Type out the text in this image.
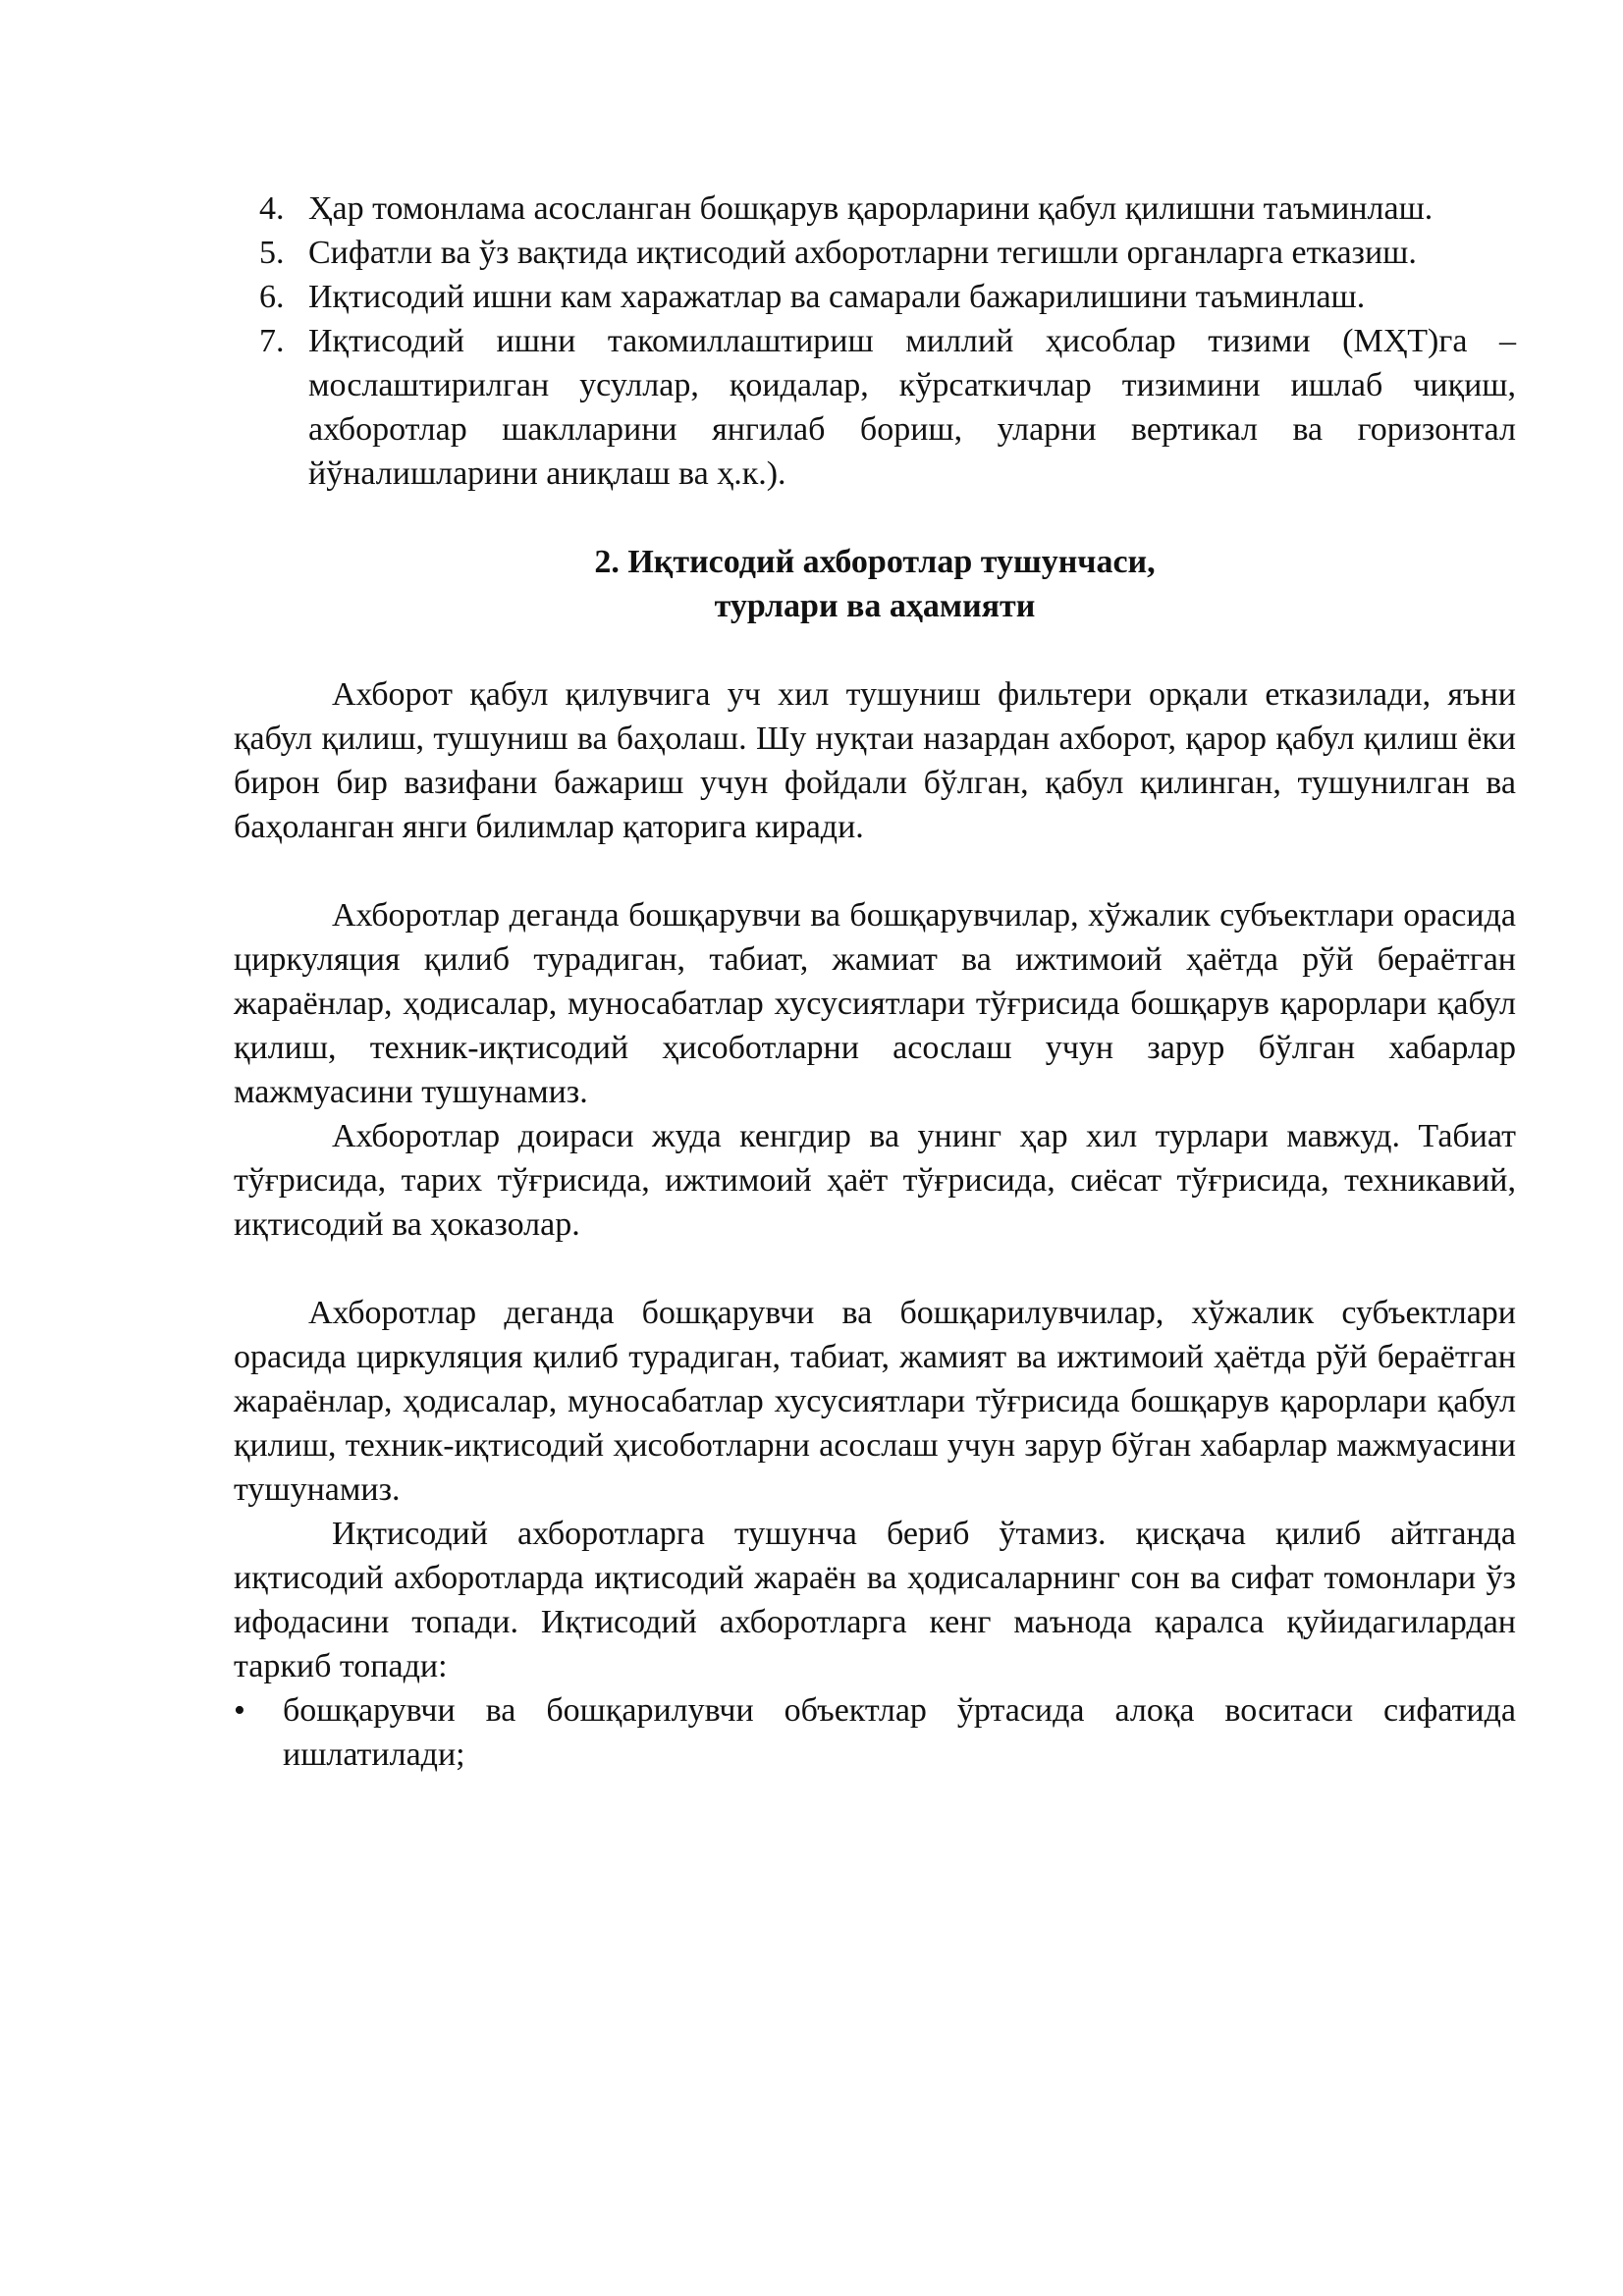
4. Ҳар томонлама асосланган бошқарув қарорларини қабул қилишни таъминлаш.
5. Сифатли ва ўз вақтида иқтисодий ахборотларни тегишли органларга етказиш.
6. Иқтисодий ишни кам харажатлар ва самарали бажарилишини таъминлаш.
7. Иқтисодий ишни такомиллаштириш миллий ҳисоблар тизими (МҲТ)га – мослаштирилган усуллар, қоидалар, кўрсаткичлар тизимини ишлаб чиқиш, ахборотлар шаклларини янгилаб бориш, уларни вертикал ва горизонтал йўналишларини аниқлаш ва ҳ.к.).
2. Иқтисодий ахборотлар тушунчаси,
турлари ва аҳамияти

Ахборот қабул қилувчига уч хил тушуниш фильтери орқали етказилади, яъни қабул қилиш, тушуниш ва баҳолаш. Шу нуқтаи назардан ахборот, қарор қабул қилиш ёки бирон бир вазифани бажариш учун фойдали бўлган, қабул қилинган, тушунилган ва баҳоланган янги билимлар қаторига киради.

Ахборотлар деганда бошқарувчи ва бошқарувчилар, хўжалик субъектлари орасида циркуляция қилиб турадиган, табиат, жамиат ва ижтимоий ҳаётда рўй бераётган жараёнлар, ҳодисалар, муносабатлар хусусиятлари тўғрисида бошқарув қарорлари қабул қилиш, техник-иқтисодий ҳисоботларни асослаш учун зарур бўлган хабарлар мажмуасини тушунамиз.

Ахборотлар доираси жуда кенгдир ва унинг ҳар хил турлари мавжуд. Табиат тўғрисида, тарих тўғрисида, ижтимоий ҳаёт тўғрисида, сиёсат тўғрисида, техникавий, иқтисодий ва ҳоказолар.

Ахборотлар деганда бошқарувчи ва бошқарилувчилар, хўжалик субъектлари орасида циркуляция қилиб турадиган, табиат, жамият ва ижтимоий ҳаётда рўй бераётган жараёнлар, ҳодисалар, муносабатлар хусусиятлари тўғрисида бошқарув қарорлари қабул қилиш, техник-иқтисодий ҳисоботларни асослаш учун зарур бўган хабарлар мажмуасини тушунамиз.

Иқтисодий ахборотларга тушунча бериб ўтамиз. қисқача қилиб айтганда иқтисодий ахборотларда иқтисодий жараён ва ҳодисаларнинг сон ва сифат томонлари ўз ифодасини топади. Иқтисодий ахборотларга кенг маънода қаралса қуйидагилардан таркиб топади:

• бошқарувчи ва бошқарилувчи объектлар ўртасида алоқа воситаси сифатида ишлатилади;
